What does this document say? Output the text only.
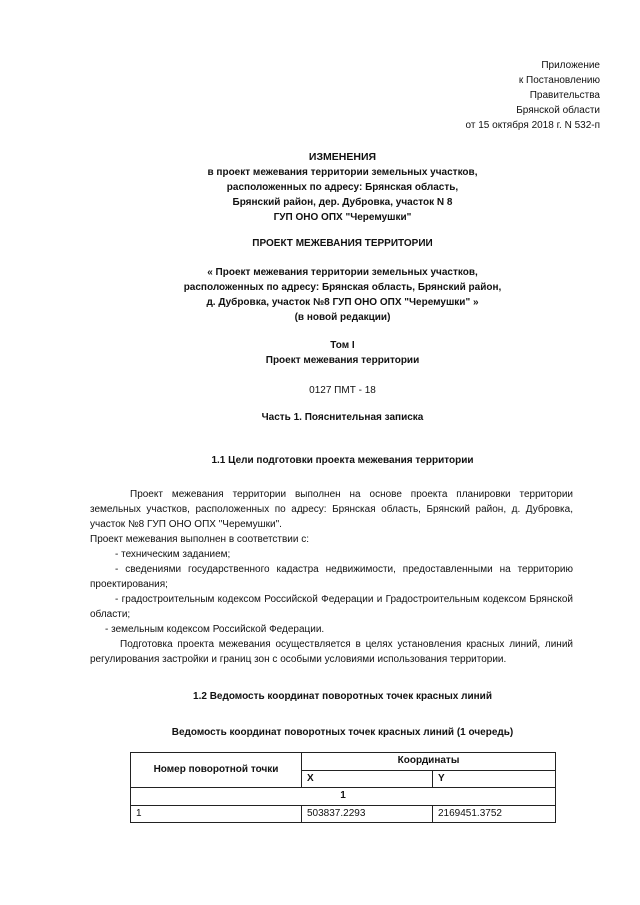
Приложение
к Постановлению
Правительства
Брянской области
от 15 октября 2018 г. N 532-п
ИЗМЕНЕНИЯ
в проект межевания территории земельных участков,
расположенных по адресу: Брянская область,
Брянский район, дер. Дубровка, участок N 8
ГУП ОНО ОПХ "Черемушки"
ПРОЕКТ МЕЖЕВАНИЯ ТЕРРИТОРИИ
« Проект межевания территории земельных участков,
расположенных по адресу: Брянская область, Брянский район,
д. Дубровка, участок №8 ГУП ОНО ОПХ "Черемушки" »
(в новой редакции)
Том I
Проект межевания территории
0127 ПМТ - 18
Часть 1. Пояснительная записка
1.1 Цели подготовки проекта межевания территории

Проект межевания территории выполнен на основе проекта планировки территории земельных участков, расположенных по адресу: Брянская область, Брянский район, д. Дубровка, участок №8 ГУП ОНО ОПХ "Черемушки".

Проект межевания выполнен в соответствии с:

- техническим заданием;

- сведениями государственного кадастра недвижимости, предоставленными на территорию проектирования;

- градостроительным кодексом Российской Федерации и Градостроительным кодексом Брянской области;

- земельным кодексом Российской Федерации.

Подготовка проекта межевания осуществляется в целях установления красных линий, линий регулирования застройки и границ зон с особыми условиями использования территории.

1.2 Ведомость координат поворотных точек красных линий
Ведомость координат поворотных точек красных линий (1 очередь)
Номер поворотной точки	Координаты	
	X	Y
1		
1	503837.2293	2169451.3752
